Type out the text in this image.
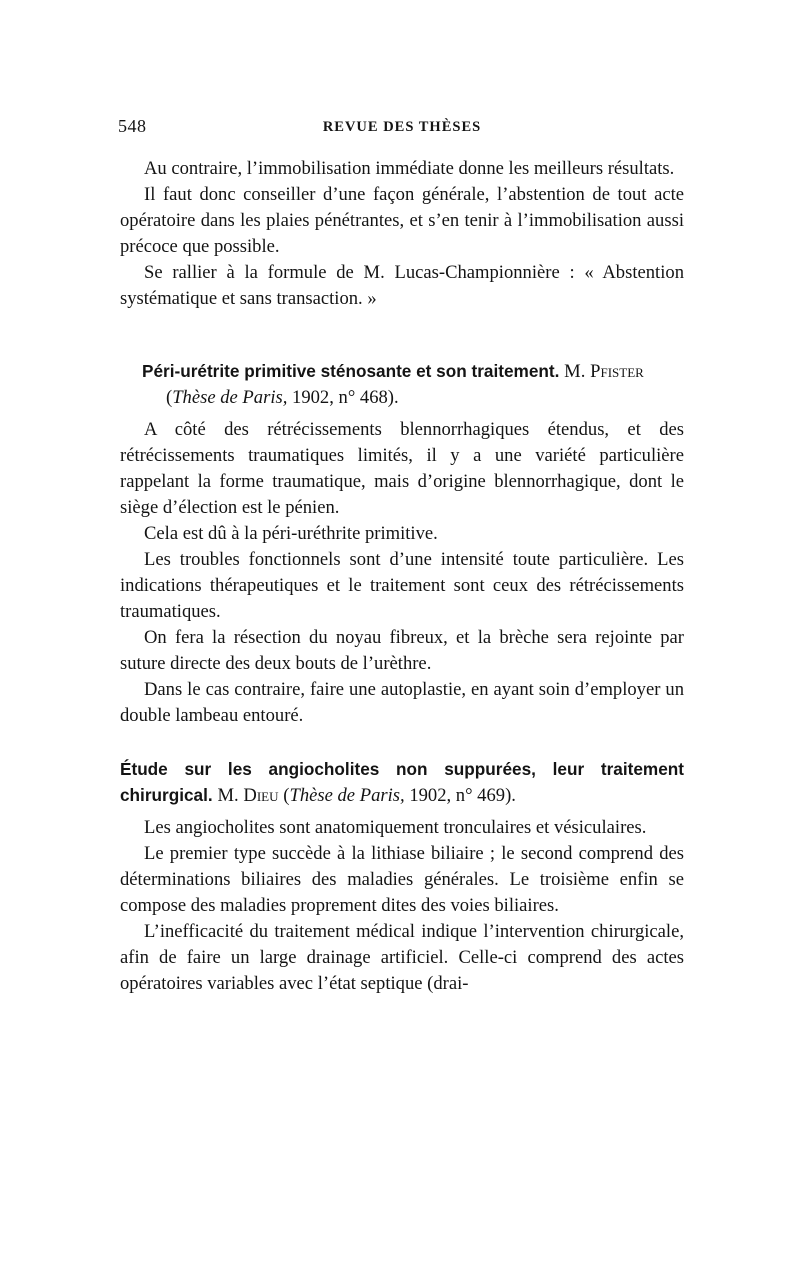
548	REVUE DES THÈSES

Au contraire, l’immobilisation immédiate donne les meilleurs résultats.

Il faut donc conseiller d’une façon générale, l’abstention de tout acte opératoire dans les plaies pénétrantes, et s’en tenir à l’immobilisation aussi précoce que possible.

Se rallier à la formule de M. Lucas-Championnière : « Abstention systématique et sans transaction. »

Péri-urétrite primitive sténosante et son traitement. M. Pfister

(Thèse de Paris, 1902, n° 468).

A côté des rétrécissements blennorrhagiques étendus, et des rétrécissements traumatiques limités, il y a une variété particulière rappelant la forme traumatique, mais d’origine blennorrhagique, dont le siège d’élection est le pénien.

Cela est dû à la péri-uréthrite primitive.

Les troubles fonctionnels sont d’une intensité toute particulière. Les indications thérapeutiques et le traitement sont ceux des rétrécissements traumatiques.

On fera la résection du noyau fibreux, et la brèche sera rejointe par suture directe des deux bouts de l’urèthre.

Dans le cas contraire, faire une autoplastie, en ayant soin d’employer un double lambeau entouré.

Étude sur les angiocholites non suppurées, leur traitement chirurgical. M. Dieu (Thèse de Paris, 1902, n° 469).

Les angiocholites sont anatomiquement tronculaires et vésiculaires.

Le premier type succède à la lithiase biliaire ; le second comprend des déterminations biliaires des maladies générales. Le troisième enfin se compose des maladies proprement dites des voies biliaires.

L’inefficacité du traitement médical indique l’intervention chirurgicale, afin de faire un large drainage artificiel. Celle-ci comprend des actes opératoires variables avec l’état septique (drai-
